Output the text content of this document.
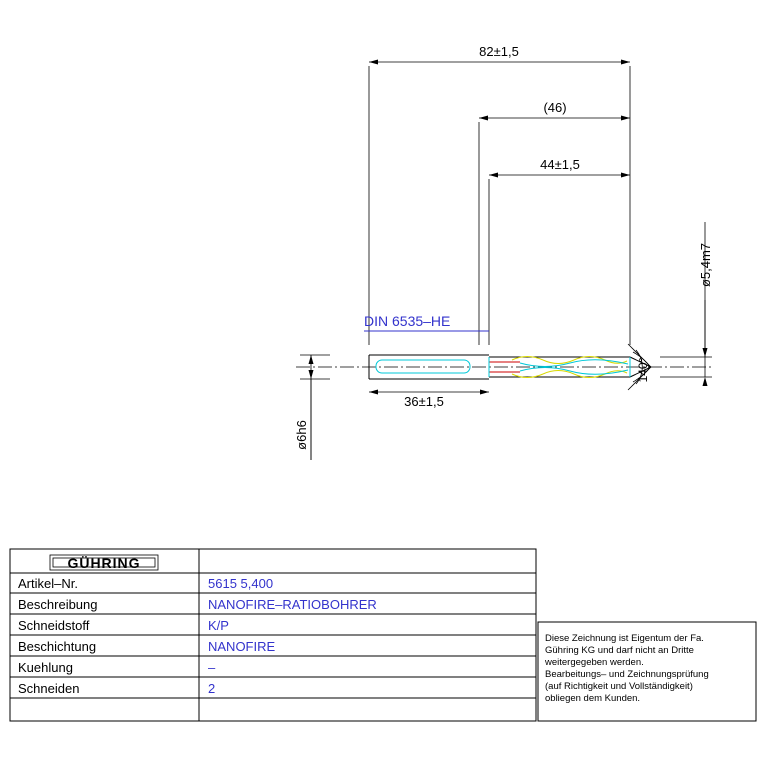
82±1,5
(46)
44±1,5
140°
36±1,5
ø6h6
ø5,4m7
DIN 6535–HE
GÜHRING
Artikel–Nr.	5615 5,400
Beschreibung	NANOFIRE–RATIOBOHRER
Schneidstoff	K/P
Beschichtung	NANOFIRE
Kuehlung	–
Schneiden	2
Diese Zeichnung ist Eigentum der Fa.
Gühring KG und darf nicht an Dritte
weitergegeben werden.
Bearbeitungs– und Zeichnungsprüfung
(auf Richtigkeit und Vollständigkeit)
obliegen dem Kunden.
